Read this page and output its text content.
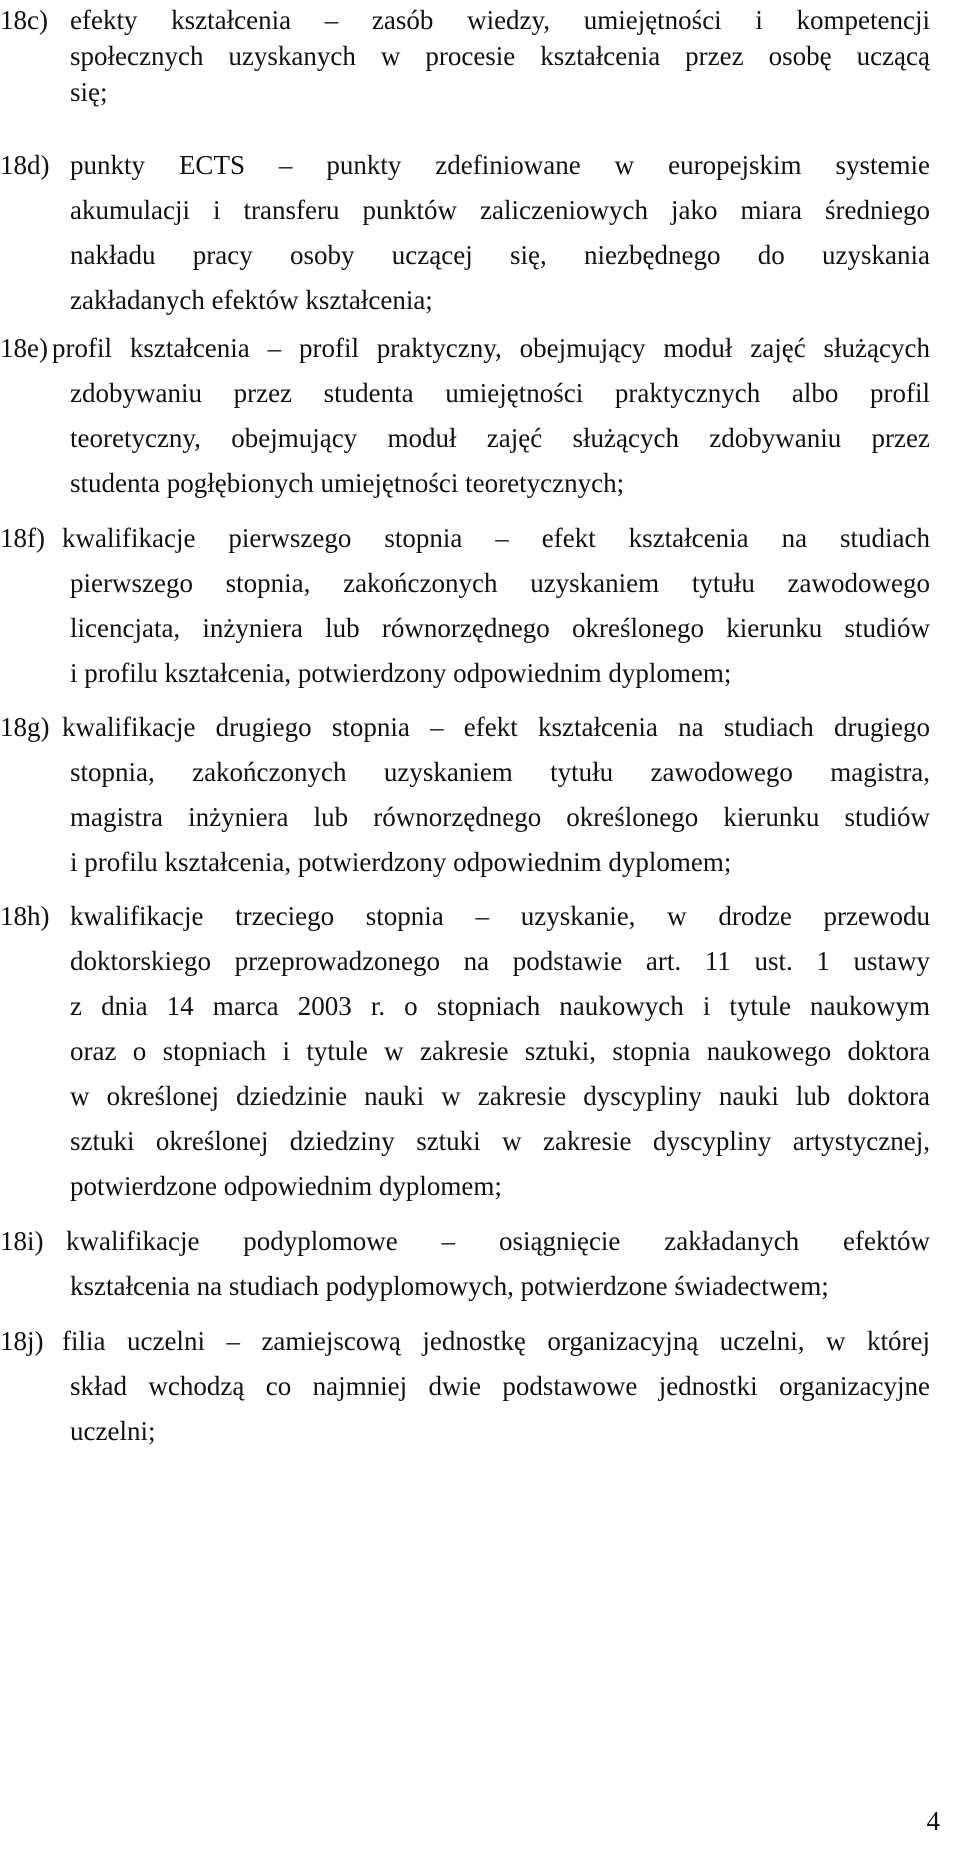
18c) efekty kształcenia – zasób wiedzy, umiejętności i kompetencji
społecznych uzyskanych w procesie kształcenia przez osobę uczącą
się;
18d) punkty ECTS – punkty zdefiniowane w europejskim systemie
akumulacji i transferu punktów zaliczeniowych jako miara średniego
nakładu pracy osoby uczącej się, niezbędnego do uzyskania
zakładanych efektów kształcenia;
18e) profil kształcenia – profil praktyczny, obejmujący moduł zajęć służących
zdobywaniu przez studenta umiejętności praktycznych albo profil
teoretyczny, obejmujący moduł zajęć służących zdobywaniu przez
studenta pogłębionych umiejętności teoretycznych;
18f) kwalifikacje pierwszego stopnia – efekt kształcenia na studiach
pierwszego stopnia, zakończonych uzyskaniem tytułu zawodowego
licencjata, inżyniera lub równorzędnego określonego kierunku studiów
i profilu kształcenia, potwierdzony odpowiednim dyplomem;
18g) kwalifikacje drugiego stopnia – efekt kształcenia na studiach drugiego
stopnia, zakończonych uzyskaniem tytułu zawodowego magistra,
magistra inżyniera lub równorzędnego określonego kierunku studiów
i profilu kształcenia, potwierdzony odpowiednim dyplomem;
18h) kwalifikacje trzeciego stopnia – uzyskanie, w drodze przewodu
doktorskiego przeprowadzonego na podstawie art. 11 ust. 1 ustawy
z dnia 14 marca 2003 r. o stopniach naukowych i tytule naukowym
oraz o stopniach i tytule w zakresie sztuki, stopnia naukowego doktora
w określonej dziedzinie nauki w zakresie dyscypliny nauki lub doktora
sztuki określonej dziedziny sztuki w zakresie dyscypliny artystycznej,
potwierdzone odpowiednim dyplomem;
18i) kwalifikacje podyplomowe – osiągnięcie zakładanych efektów
kształcenia na studiach podyplomowych, potwierdzone świadectwem;
18j) filia uczelni – zamiejscową jednostkę organizacyjną uczelni, w której
skład wchodzą co najmniej dwie podstawowe jednostki organizacyjne
uczelni;
4
